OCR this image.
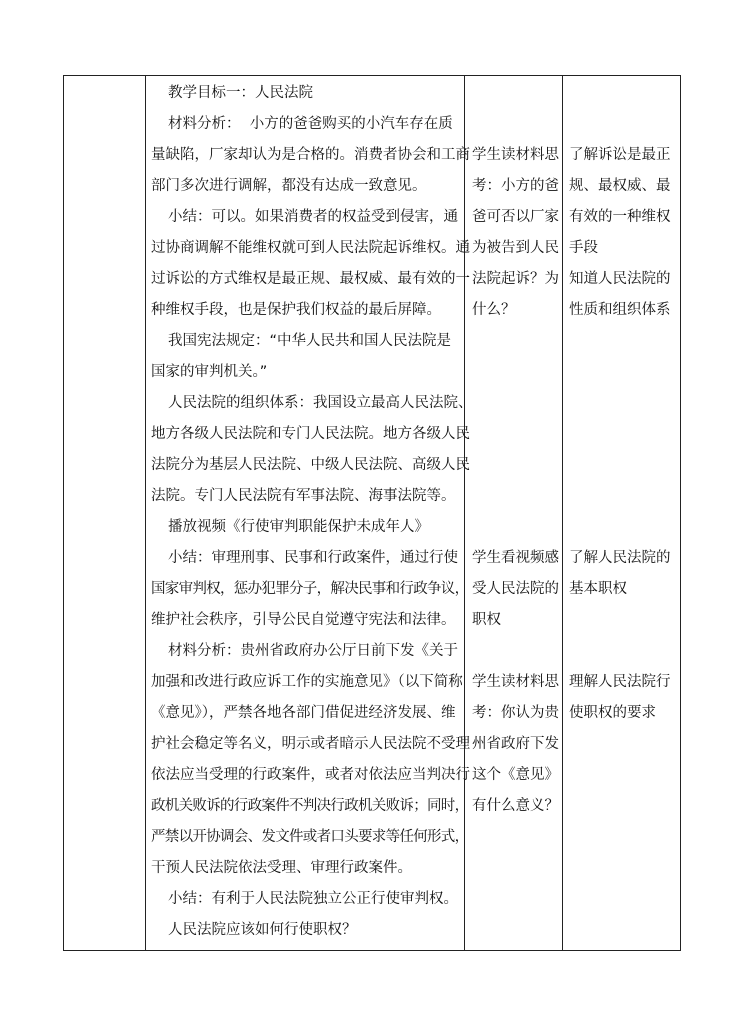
教学目标一：人民法院
材料分析：  小方的爸爸购买的小汽车存在质
量缺陷，厂家却认为是合格的。消费者协会和工商
部门多次进行调解，都没有达成一致意见。
小结：可以。如果消费者的权益受到侵害，通
过协商调解不能维权就可到人民法院起诉维权。通
过诉讼的方式维权是最正规、最权威、最有效的一
种维权手段，也是保护我们权益的最后屏障。
我国宪法规定：“中华人民共和国人民法院是
国家的审判机关。”
人民法院的组织体系：我国设立最高人民法院、
地方各级人民法院和专门人民法院。地方各级人民
法院分为基层人民法院、中级人民法院、高级人民
法院。专门人民法院有军事法院、海事法院等。
播放视频《行使审判职能保护未成年人》
小结：审理刑事、民事和行政案件，通过行使
国家审判权，惩办犯罪分子，解决民事和行政争议，
维护社会秩序，引导公民自觉遵守宪法和法律。
材料分析：贵州省政府办公厅日前下发《关于
加强和改进行政应诉工作的实施意见》（以下简称
《意见》），严禁各地各部门借促进经济发展、维
护社会稳定等名义，明示或者暗示人民法院不受理
依法应当受理的行政案件，或者对依法应当判决行
政机关败诉的行政案件不判决行政机关败诉；同时，
严禁以开协调会、发文件或者口头要求等任何形式，
干预人民法院依法受理、审理行政案件。
小结：有利于人民法院独立公正行使审判权。
人民法院应该如何行使职权？
学生读材料思
考：小方的爸
爸可否以厂家
为被告到人民
法院起诉？为
什么？
学生看视频感
受人民法院的
职权
学生读材料思
考：你认为贵
州省政府下发
这个《意见》
有什么意义？
了解诉讼是最正
规、最权威、最
有效的一种维权
手段
知道人民法院的
性质和组织体系
了解人民法院的
基本职权
理解人民法院行
使职权的要求
